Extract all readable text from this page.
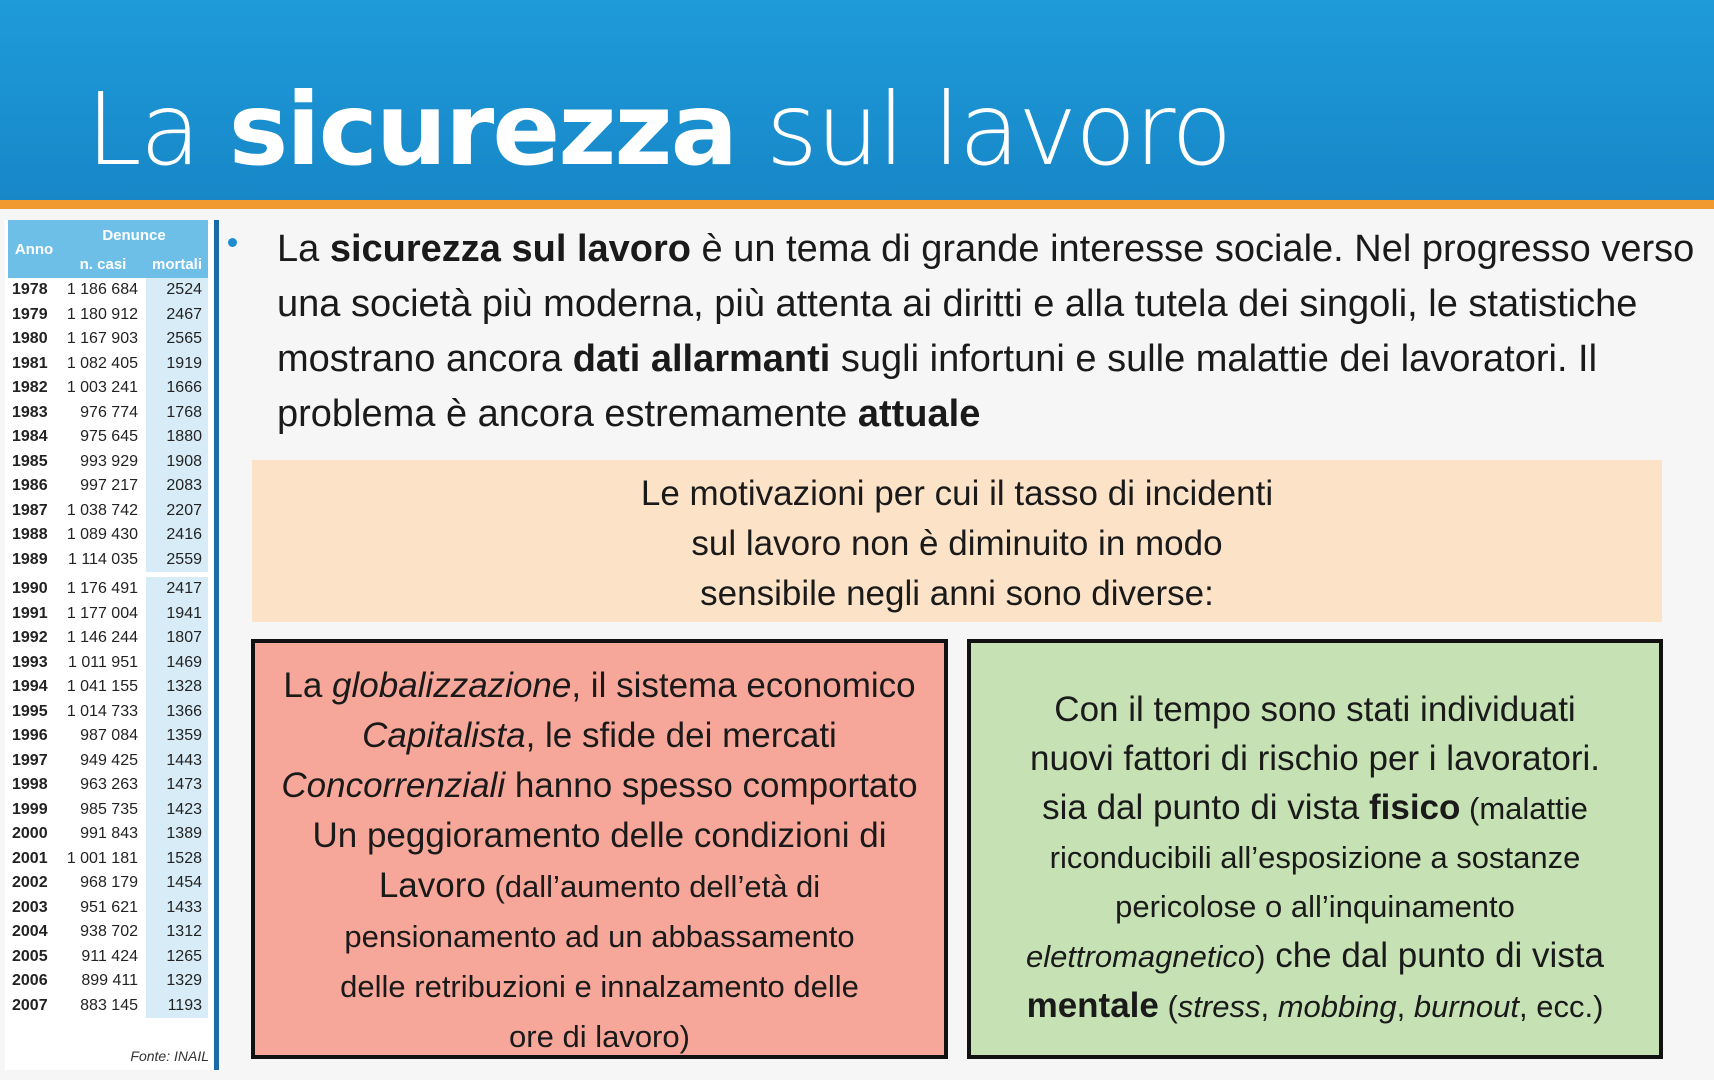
La sicurezza sul lavoro
Anno	Denunce	
	n. casi	mortali
1978	1 186 684	2524
1979	1 180 912	2467
1980	1 167 903	2565
1981	1 082 405	1919
1982	1 003 241	1666
1983	976 774	1768
1984	975 645	1880
1985	993 929	1908
1986	997 217	2083
1987	1 038 742	2207
1988	1 089 430	2416
1989	1 114 035	2559

1990	1 176 491	2417
1991	1 177 004	1941
1992	1 146 244	1807
1993	1 011 951	1469
1994	1 041 155	1328
1995	1 014 733	1366
1996	987 084	1359
1997	949 425	1443
1998	963 263	1473
1999	985 735	1423
2000	991 843	1389
2001	1 001 181	1528
2002	968 179	1454
2003	951 621	1433
2004	938 702	1312
2005	911 424	1265
2006	899 411	1329
2007	883 145	1193
Fonte: INAIL
La sicurezza sul lavoro è un tema di grande interesse sociale. Nel progresso verso una società più moderna, più attenta ai diritti e alla tutela dei singoli, le statistiche mostrano ancora dati allarmanti sugli infortuni e sulle malattie dei lavoratori. Il problema è ancora estremamente attuale
Le motivazioni per cui il tasso di incidenti
sul lavoro non è diminuito in modo
sensibile negli anni sono diverse:
La globalizzazione, il sistema economico
Capitalista, le sfide dei mercati
Concorrenziali hanno spesso comportato
Un peggioramento delle condizioni di
Lavoro (dall’aumento dell’età di
pensionamento ad un abbassamento
delle retribuzioni e innalzamento delle
ore di lavoro)
Con il tempo sono stati individuati
nuovi fattori di rischio per i lavoratori.
sia dal punto di vista fisico (malattie
riconducibili all’esposizione a sostanze
pericolose o all’inquinamento
elettromagnetico) che dal punto di vista
mentale (stress, mobbing, burnout, ecc.)
